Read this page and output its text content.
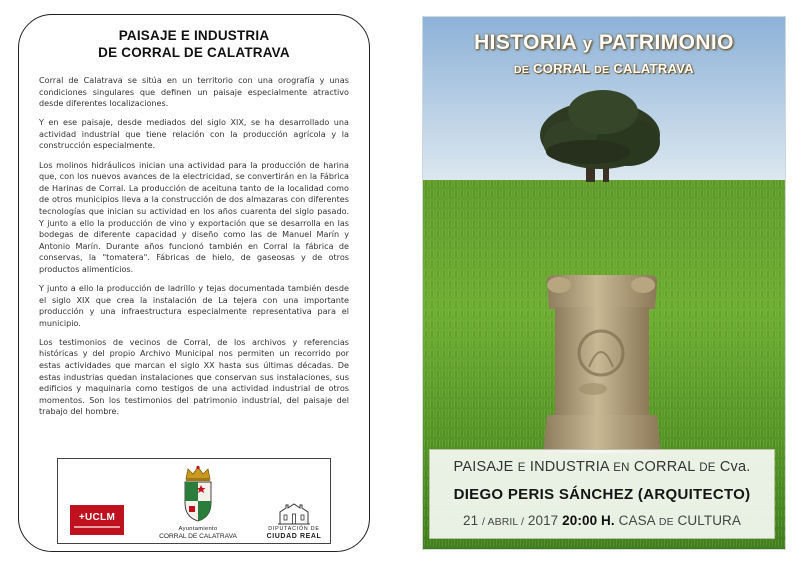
PAISAJE E INDUSTRIA
DE CORRAL DE CALATRAVA

Corral de Calatrava se sitúa en un territorio con una orografía y unas condiciones singulares que definen un paisaje especialmente atractivo desde diferentes localizaciones.

Y en ese paisaje, desde mediados del siglo XIX, se ha desarrollado una actividad industrial que tiene relación con la producción agrícola y la construcción especialmente.

Los molinos hidráulicos inician una actividad para la producción de harina que, con los nuevos avances de la electricidad, se convertirán en la Fábrica de Harinas de Corral. La producción de aceituna tanto de la localidad como de otros municipios lleva a la construcción de dos almazaras con diferentes tecnologías que inician su actividad en los años cuarenta del siglo pasado. Y junto a ello la producción de vino y exportación que se desarrolla en las bodegas de diferente capacidad y diseño como las de Manuel Marín y Antonio Marín. Durante años funcionó también en Corral la fábrica de conservas, la "tomatera". Fábricas de hielo, de gaseosas y de otros productos alimenticios.

Y junto a ello la producción de ladrillo y tejas documentada también desde el siglo XIX que crea la instalación de La tejera con una importante producción y una infraestructura especialmente representativa para el municipio.

Los testimonios de vecinos de Corral, de los archivos y referencias históricas y del propio Archivo Municipal nos permiten un recorrido por estas actividades que marcan el siglo XX hasta sus últimas décadas. De estas industrias quedan instalaciones que conservan sus instalaciones, sus edificios y maquinaria como testigos de una actividad industrial de otros momentos. Son los testimonios del patrimonio industrial, del paisaje del trabajo del hombre.

+UCLM
Ayuntamiento
CORRAL DE CALATRAVA
DIPUTACIÓN DE
CIUDAD REAL
HISTORIA y PATRIMONIO
DE CORRAL DE CALATRAVA
PAISAJE E INDUSTRIA EN CORRAL DE Cva.
DIEGO PERIS SÁNCHEZ (ARQUITECTO)
21 / ABRIL / 2017 20:00 H. CASA DE CULTURA
